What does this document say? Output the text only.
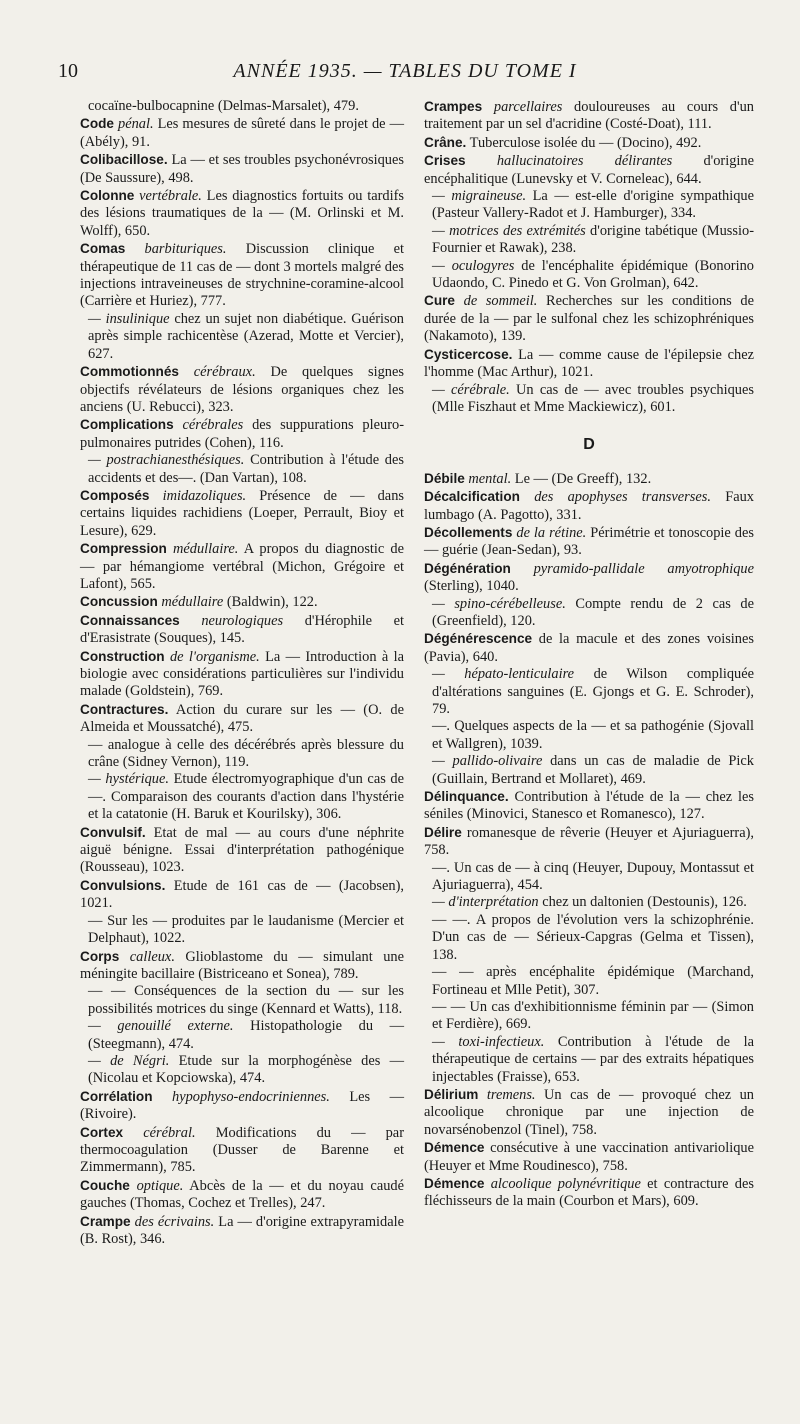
10	ANNÉE 1935. — TABLES DU TOME I

cocaïne-bulbocapnine (Delmas-Marsalet), 479.

Code pénal. Les mesures de sûreté dans le projet de — (Abély), 91.

Colibacillose. La — et ses troubles psychonévrosiques (De Saussure), 498.

Colonne vertébrale. Les diagnostics fortuits ou tardifs des lésions traumatiques de la — (M. Orlinski et M. Wolff), 650.

Comas barbituriques. Discussion clinique et thérapeutique de 11 cas de — dont 3 mortels malgré des injections intraveineuses de strychnine-coramine-alcool (Carrière et Huriez), 777.

— insulinique chez un sujet non diabétique. Guérison après simple rachicentèse (Azerad, Motte et Vercier), 627.

Commotionnés cérébraux. De quelques signes objectifs révélateurs de lésions organiques chez les anciens (U. Rebucci), 323.

Complications cérébrales des suppurations pleuro-pulmonaires putrides (Cohen), 116.

— postrachianesthésiques. Contribution à l'étude des accidents et des—. (Dan Vartan), 108.

Composés imidazoliques. Présence de — dans certains liquides rachidiens (Loeper, Perrault, Bioy et Lesure), 629.

Compression médullaire. A propos du diagnostic de — par hémangiome vertébral (Michon, Grégoire et Lafont), 565.

Concussion médullaire (Baldwin), 122.

Connaissances neurologiques d'Hérophile et d'Erasistrate (Souques), 145.

Construction de l'organisme. La — Introduction à la biologie avec considérations particulières sur l'individu malade (Goldstein), 769.

Contractures. Action du curare sur les — (O. de Almeida et Moussatché), 475.

— analogue à celle des décérébrés après blessure du crâne (Sidney Vernon), 119.

— hystérique. Etude électromyographique d'un cas de —. Comparaison des courants d'action dans l'hystérie et la catatonie (H. Baruk et Kourilsky), 306.

Convulsif. Etat de mal — au cours d'une néphrite aiguë bénigne. Essai d'interprétation pathogénique (Rousseau), 1023.

Convulsions. Etude de 161 cas de — (Jacobsen), 1021.

— Sur les — produites par le laudanisme (Mercier et Delphaut), 1022.

Corps calleux. Glioblastome du — simulant une méningite bacillaire (Bistriceano et Sonea), 789.

— — Conséquences de la section du — sur les possibilités motrices du singe (Kennard et Watts), 118.

— genouillé externe. Histopathologie du — (Steegmann), 474.

— de Négri. Etude sur la morphogénèse des — (Nicolau et Kopciowska), 474.

Corrélation hypophyso-endocriniennes. Les — (Rivoire).

Cortex cérébral. Modifications du — par thermocoagulation (Dusser de Barenne et Zimmermann), 785.

Couche optique. Abcès de la — et du noyau caudé gauches (Thomas, Cochez et Trelles), 247.

Crampe des écrivains. La — d'origine extrapyramidale (B. Rost), 346.

Crampes parcellaires douloureuses au cours d'un traitement par un sel d'acridine (Costé-Doat), 111.

Crâne. Tuberculose isolée du — (Docino), 492.

Crises hallucinatoires délirantes d'origine encéphalitique (Lunevsky et V. Corneleac), 644.

— migraineuse. La — est-elle d'origine sympathique (Pasteur Vallery-Radot et J. Hamburger), 334.

— motrices des extrémités d'origine tabétique (Mussio-Fournier et Rawak), 238.

— oculogyres de l'encéphalite épidémique (Bonorino Udaondo, C. Pinedo et G. Von Grolman), 642.

Cure de sommeil. Recherches sur les conditions de durée de la — par le sulfonal chez les schizophréniques (Nakamoto), 139.

Cysticercose. La — comme cause de l'épilepsie chez l'homme (Mac Arthur), 1021.

— cérébrale. Un cas de — avec troubles psychiques (Mlle Fiszhaut et Mme Mackiewicz), 601.

D

Débile mental. Le — (De Greeff), 132.

Décalcification des apophyses transverses. Faux lumbago (A. Pagotto), 331.

Décollements de la rétine. Périmétrie et tonoscopie des — guérie (Jean-Sedan), 93.

Dégénération pyramido-pallidale amyotrophique (Sterling), 1040.

— spino-cérébelleuse. Compte rendu de 2 cas de (Greenfield), 120.

Dégénérescence de la macule et des zones voisines (Pavia), 640.

— hépato-lenticulaire de Wilson compliquée d'altérations sanguines (E. Gjongs et G. E. Schroder), 79.

—. Quelques aspects de la — et sa pathogénie (Sjovall et Wallgren), 1039.

— pallido-olivaire dans un cas de maladie de Pick (Guillain, Bertrand et Mollaret), 469.

Délinquance. Contribution à l'étude de la — chez les séniles (Minovici, Stanesco et Romanesco), 127.

Délire romanesque de rêverie (Heuyer et Ajuriaguerra), 758.

—. Un cas de — à cinq (Heuyer, Dupouy, Montassut et Ajuriaguerra), 454.

— d'interprétation chez un daltonien (Destounis), 126.

— —. A propos de l'évolution vers la schizophrénie. D'un cas de — Sérieux-Capgras (Gelma et Tissen), 138.

— — après encéphalite épidémique (Marchand, Fortineau et Mlle Petit), 307.

— — Un cas d'exhibitionnisme féminin par — (Simon et Ferdière), 669.

— toxi-infectieux. Contribution à l'étude de la thérapeutique de certains — par des extraits hépatiques injectables (Fraisse), 653.

Délirium tremens. Un cas de — provoqué chez un alcoolique chronique par une injection de novarsénobenzol (Tinel), 758.

Démence consécutive à une vaccination antivariolique (Heuyer et Mme Roudinesco), 758.

Démence alcoolique polynévritique et contracture des fléchisseurs de la main (Courbon et Mars), 609.
